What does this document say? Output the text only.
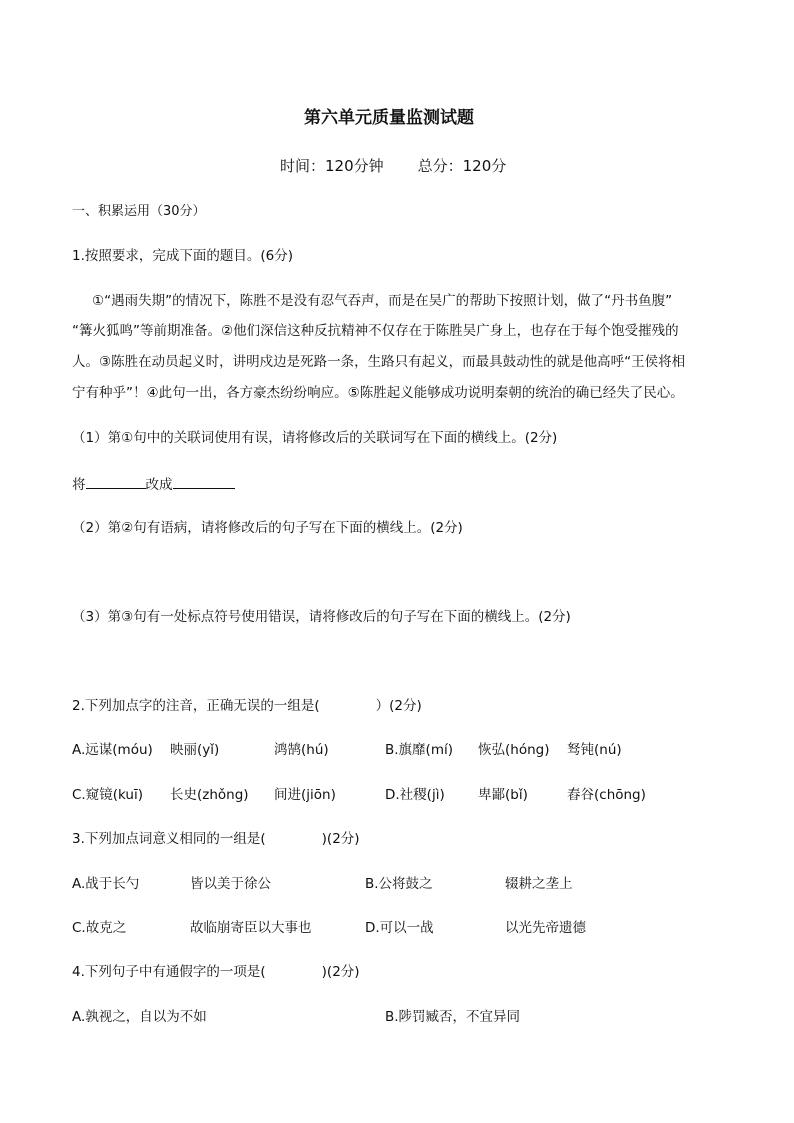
第六单元质量监测试题
时间：120分钟 总分：120分
一、积累运用（30分）
1.按照要求，完成下面的题目。(6分)
①“遇雨失期”的情况下，陈胜不是没有忍气吞声，而是在吴广的帮助下按照计划，做了“丹书鱼腹”
“篝火狐鸣”等前期准备。②他们深信这种反抗精神不仅存在于陈胜吴广身上，也存在于每个饱受摧残的
人。③陈胜在动员起义时，讲明戍边是死路一条，生路只有起义，而最具鼓动性的就是他高呼“王侯将相
宁有种乎”！④此句一出，各方豪杰纷纷响应。⑤陈胜起义能够成功说明秦朝的统治的确已经失了民心。
（1）第①句中的关联词使用有误，请将修改后的关联词写在下面的横线上。(2分)
将	改成
（2）第②句有语病，请将修改后的句子写在下面的横线上。(2分)
（3）第③句有一处标点符号使用错误，请将修改后的句子写在下面的横线上。(2分)
2.下列加点字的注音，正确无误的一组是(	）(2分)
A.远谋(móu) 映丽(yǐ)	鸿鹄(hú)	B.旗靡(mí) 恢弘(hóng) 驽钝(nú)
C.窥镜(kuī) 长史(zhǒng) 间进(jiōn)	D.社稷(jì) 卑鄙(bǐ)	舂谷(chōng)
3.下列加点词意义相同的一组是(	)(2分)
A.战于长勺	皆以美于徐公	B.公将鼓之	辍耕之垄上
C.故克之	故临崩寄臣以大事也	D.可以一战	以光先帝遗德
4.下列句子中有通假字的一项是(	)(2分)
A.孰视之，自以为不如	B.陟罚臧否，不宜异同
